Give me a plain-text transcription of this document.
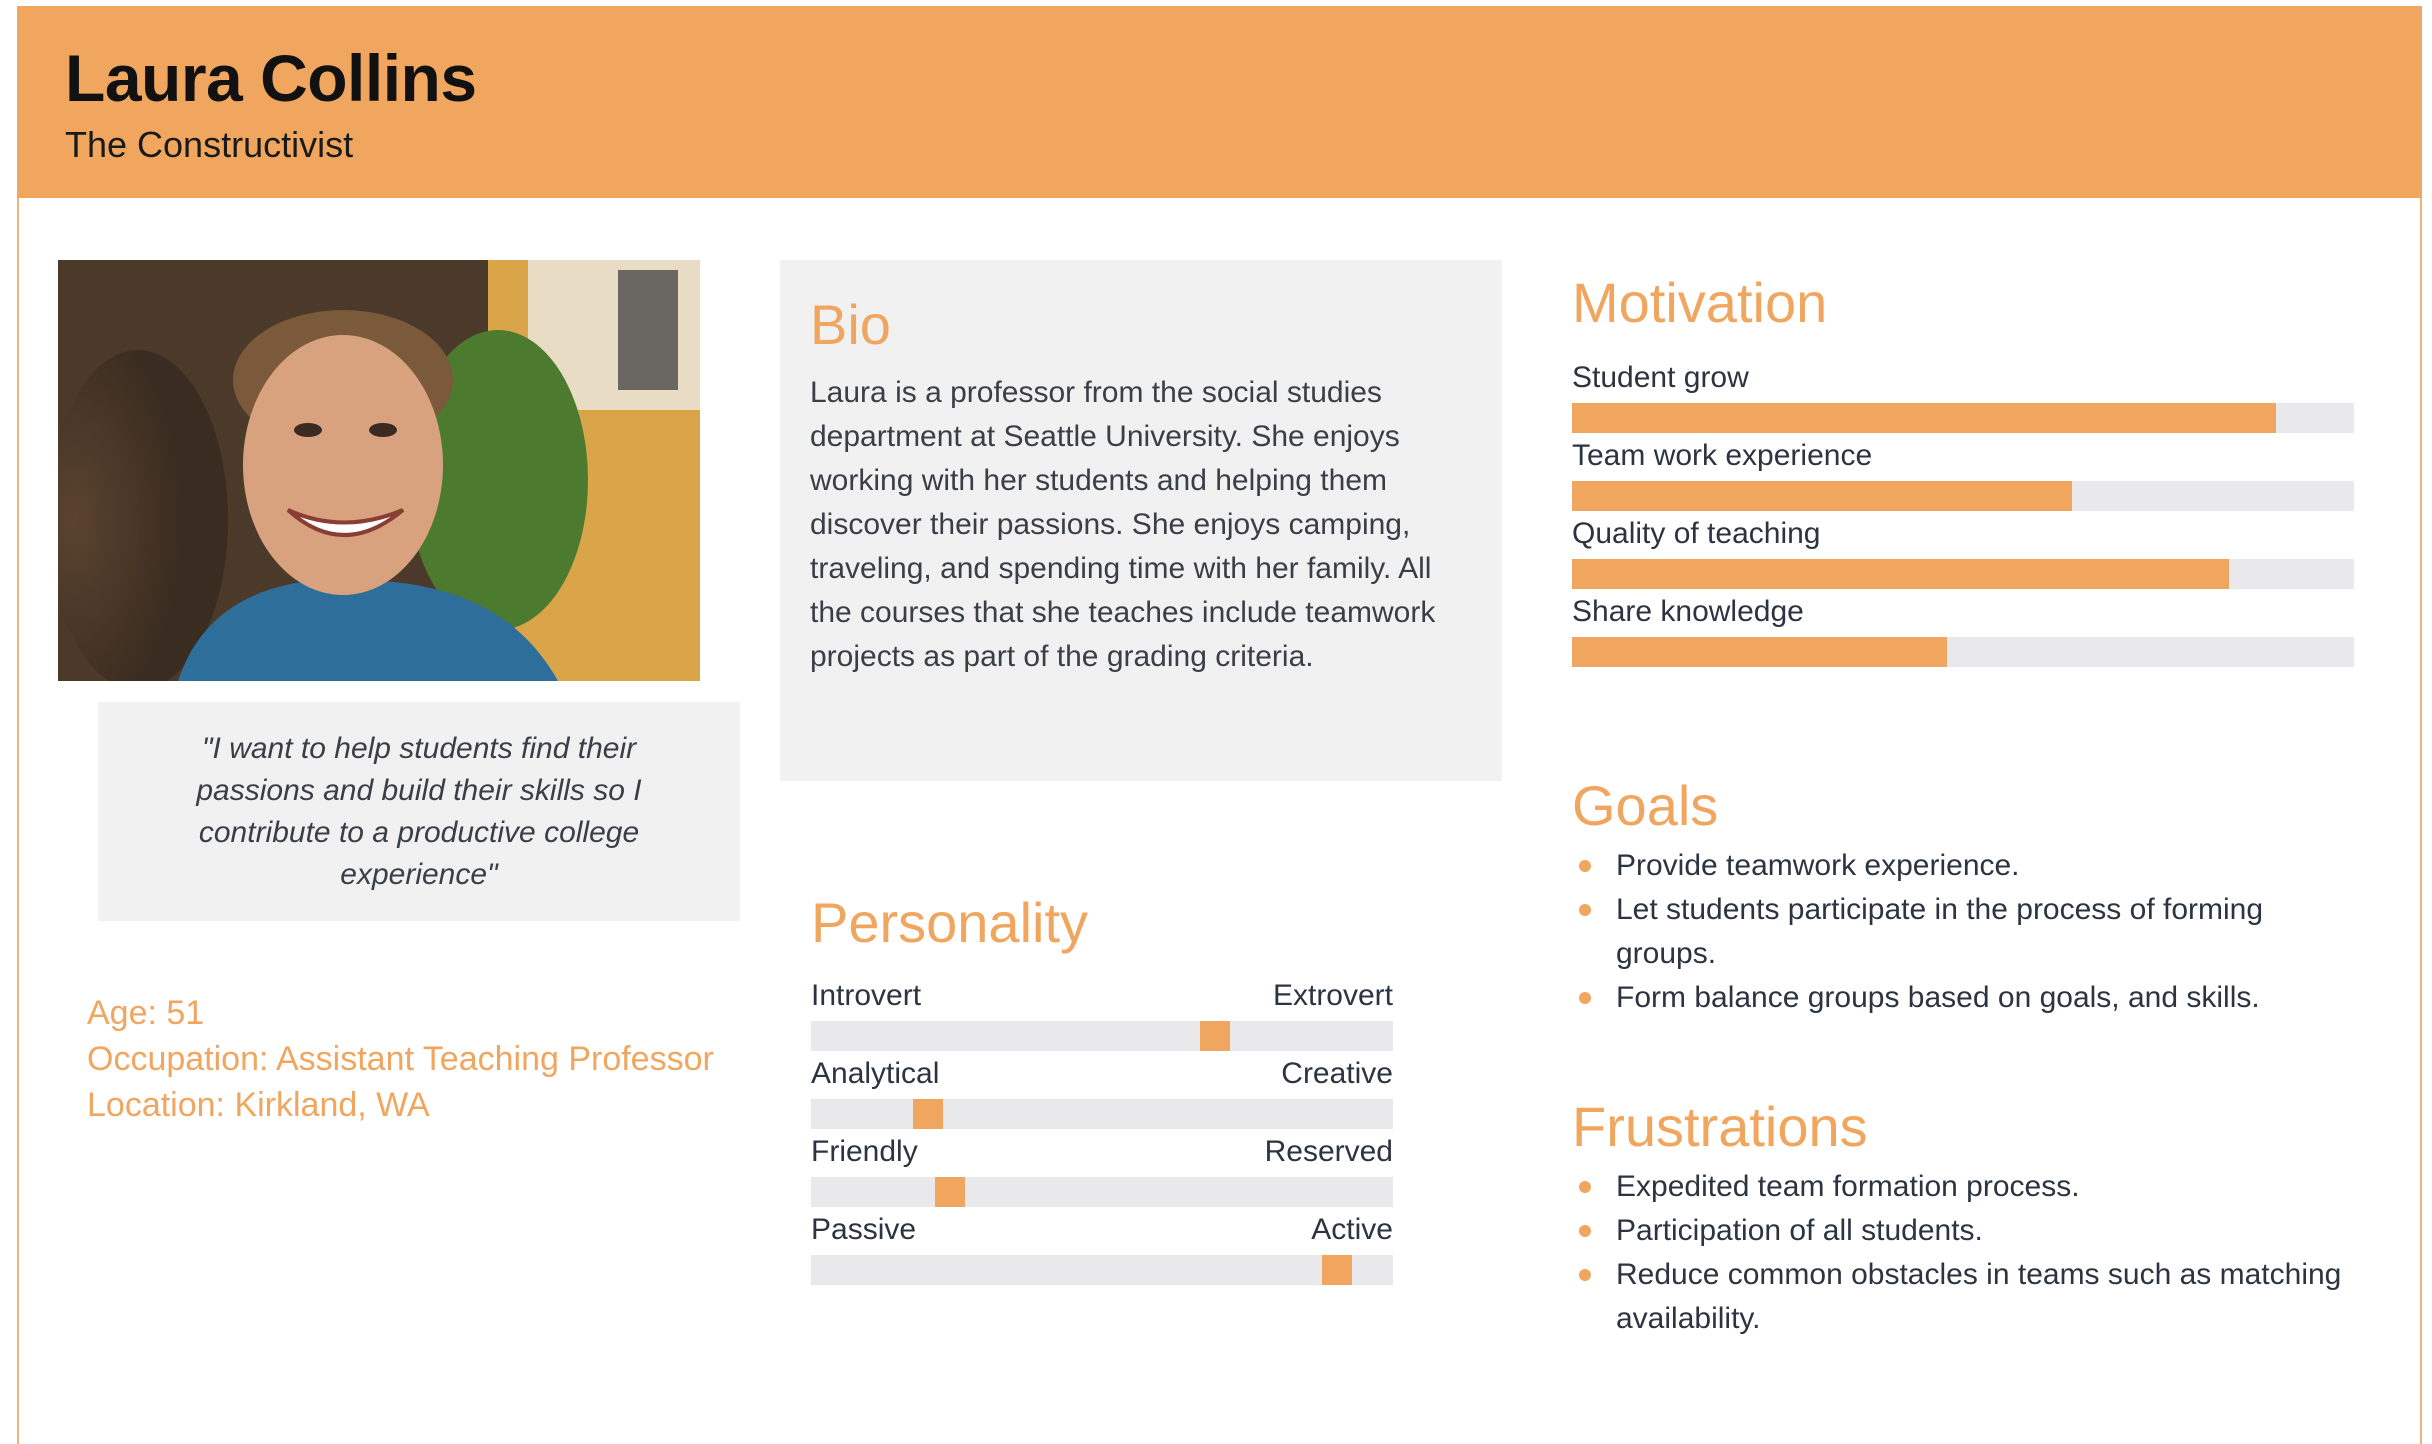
Laura Collins
The Constructivist
"I want to help students find their passions and build their skills so I contribute to a productive college experience"
Age: 51
Occupation: Assistant Teaching Professor
Location: Kirkland, WA
Bio
Laura is a professor from the social studies department at Seattle University. She enjoys working with her students and helping them discover their passions. She enjoys camping, traveling, and spending time with her family. All the courses that she teaches include teamwork projects as part of the grading criteria.
Personality
Introvert	Extrovert
Analytical	Creative
Friendly	Reserved
Passive	Active
Motivation
Student grow
Team work experience
Quality of teaching
Share knowledge
Goals
Provide teamwork experience.
Let students participate in the process of forming groups.
Form balance groups based on goals, and skills.
Frustrations
Expedited team formation process.
Participation of all students.
Reduce common obstacles in teams such as matching availability.
